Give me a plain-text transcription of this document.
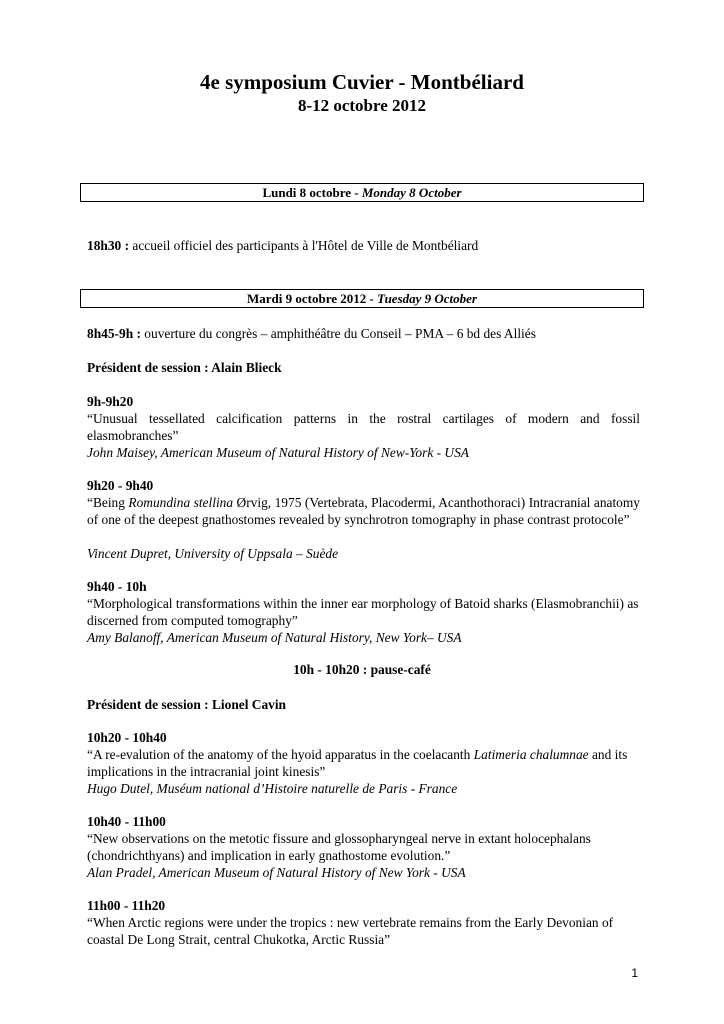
4e symposium Cuvier - Montbéliard
8-12 octobre 2012
Lundi 8 octobre - Monday 8 October

18h30 : accueil officiel des participants à l'Hôtel de Ville de Montbéliard

Mardi 9 octobre 2012 - Tuesday 9 October

8h45-9h : ouverture du congrès – amphithéâtre du Conseil – PMA – 6 bd des Alliés

Président de session : Alain Blieck

9h-9h20

“Unusual tessellated calcification patterns in the rostral cartilages of modern and fossil elasmobranches”

John Maisey, American Museum of Natural History of New-York - USA

9h20 - 9h40

“Being Romundina stellina Ørvig, 1975 (Vertebrata, Placodermi, Acanthothoraci) Intracranial anatomy of one of the deepest gnathostomes revealed by synchrotron tomography in phase contrast protocole”

Vincent Dupret, University of Uppsala – Suède

9h40 - 10h

“Morphological transformations within the inner ear morphology of Batoid sharks (Elasmobranchii) as discerned from computed tomography”

Amy Balanoff, American Museum of Natural History, New York– USA

10h - 10h20 : pause-café

Président de session : Lionel Cavin

10h20 - 10h40

“A re-evalution of the anatomy of the hyoid apparatus in the coelacanth Latimeria chalumnae and its implications in the intracranial joint kinesis”

Hugo Dutel, Muséum national d’Histoire naturelle de Paris - France

10h40 - 11h00

“New observations on the metotic fissure and glossopharyngeal nerve in extant holocephalans (chondrichthyans) and implication in early gnathostome evolution.”

Alan Pradel, American Museum of Natural History of New York - USA

11h00 - 11h20

“When Arctic regions were under the tropics : new vertebrate remains from the Early Devonian of coastal De Long Strait, central Chukotka, Arctic Russia”

1
